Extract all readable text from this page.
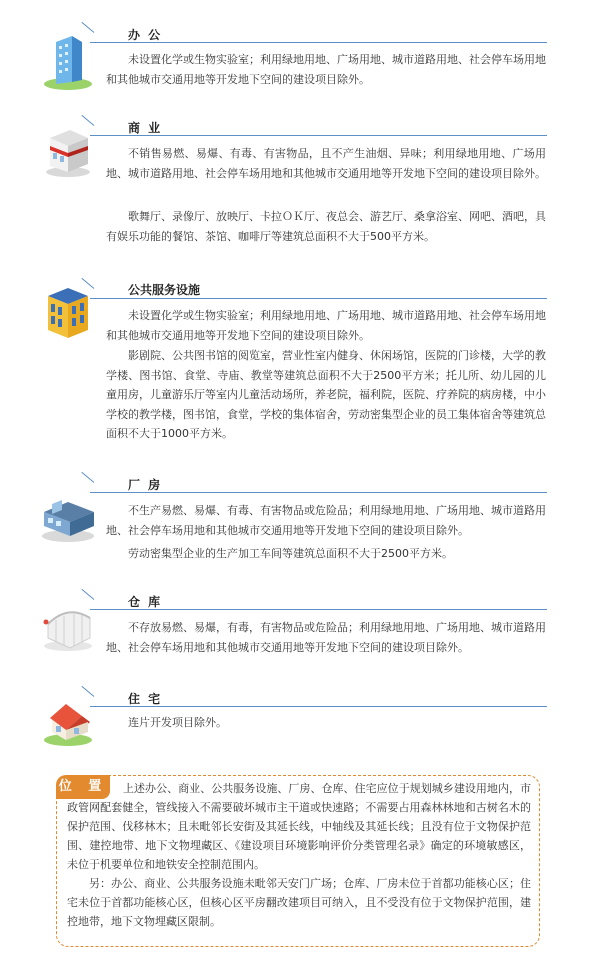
办 公

未设置化学或生物实验室；利用绿地用地、广场用地、城市道路用地、社会停车场用地和其他城市交通用地等开发地下空间的建设项目除外。

商 业

不销售易燃、易爆、有毒、有害物品，且不产生油烟、异味；利用绿地用地、广场用地、城市道路用地、社会停车场用地和其他城市交通用地等开发地下空间的建设项目除外。

歌舞厅、录像厅、放映厅、卡拉ＯＫ厅、夜总会、游艺厅、桑拿浴室、网吧、酒吧，具有娱乐功能的餐馆、茶馆、咖啡厅等建筑总面积不大于500平方米。

公共服务设施

未设置化学或生物实验室；利用绿地用地、广场用地、城市道路用地、社会停车场用地和其他城市交通用地等开发地下空间的建设项目除外。

影剧院、公共图书馆的阅览室，营业性室内健身、休闲场馆，医院的门诊楼，大学的教学楼、图书馆、食堂、寺庙、教堂等建筑总面积不大于2500平方米；托儿所、幼儿园的儿童用房，儿童游乐厅等室内儿童活动场所，养老院，福利院，医院、疗养院的病房楼，中小学校的教学楼，图书馆，食堂，学校的集体宿舍，劳动密集型企业的员工集体宿舍等建筑总面积不大于1000平方米。

厂 房

不生产易燃、易爆、有毒、有害物品或危险品；利用绿地用地、广场用地、城市道路用地、社会停车场用地和其他城市交通用地等开发地下空间的建设项目除外。

劳动密集型企业的生产加工车间等建筑总面积不大于2500平方米。

仓 库

不存放易燃、易爆，有毒，有害物品或危险品；利用绿地用地、广场用地、城市道路用地、社会停车场用地和其他城市交通用地等开发地下空间的建设项目除外。

住 宅

连片开发项目除外。

位 置	上述办公、商业、公共服务设施、厂房、仓库、住宅应位于规划城乡建设用地内，市政管网配套健全，管线接入不需要破坏城市主干道或快速路；不需要占用森林林地和古树名木的保护范围、伐移林木；且未毗邻长安街及其延长线，中轴线及其延长线；且没有位于文物保护范围、建控地带、地下文物埋藏区、《建设项目环境影响评价分类管理名录》确定的环境敏感区，未位于机要单位和地铁安全控制范围内。

另：办公、商业、公共服务设施未毗邻天安门广场；仓库、厂房未位于首都功能核心区；住宅未位于首都功能核心区，但核心区平房翻改建项目可纳入，且不受没有位于文物保护范围，建控地带，地下文物埋藏区限制。
